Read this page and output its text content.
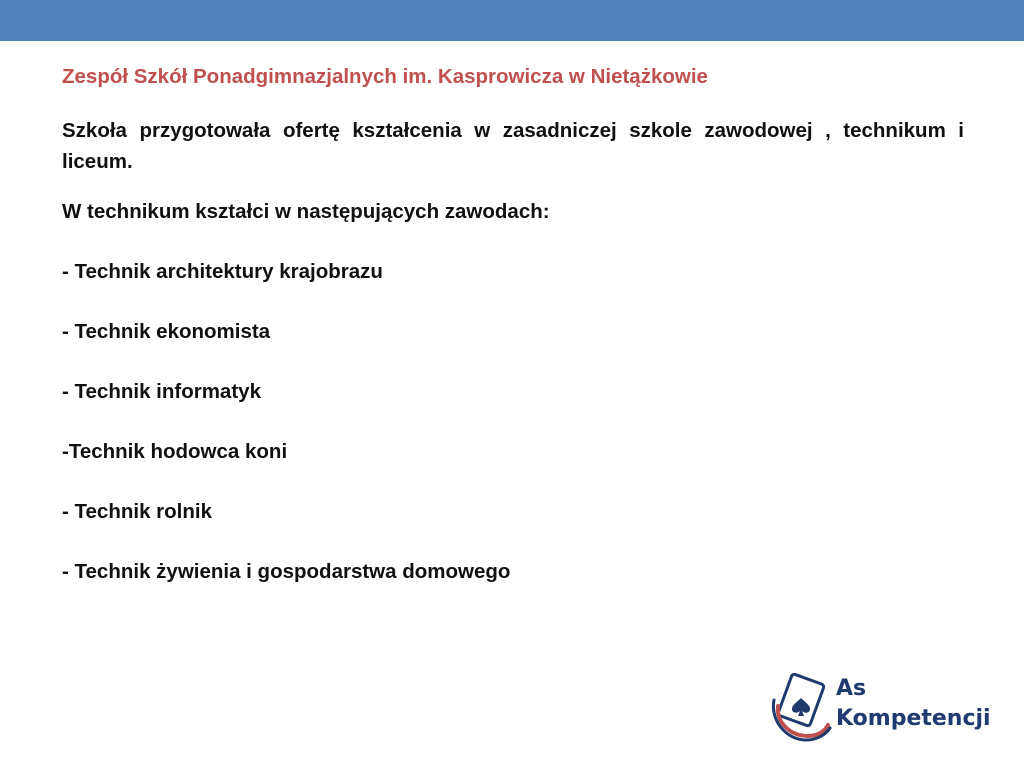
Zespół Szkół Ponadgimnazjalnych im. Kasprowicza w Nietążkowie
Szkoła przygotowała ofertę kształcenia w zasadniczej szkole zawodowej , technikum i liceum.
W technikum kształci w następujących zawodach:
- Technik architektury krajobrazu
- Technik ekonomista
- Technik informatyk
-Technik hodowca koni
- Technik rolnik
- Technik żywienia i gospodarstwa domowego
As
Kompetencji
